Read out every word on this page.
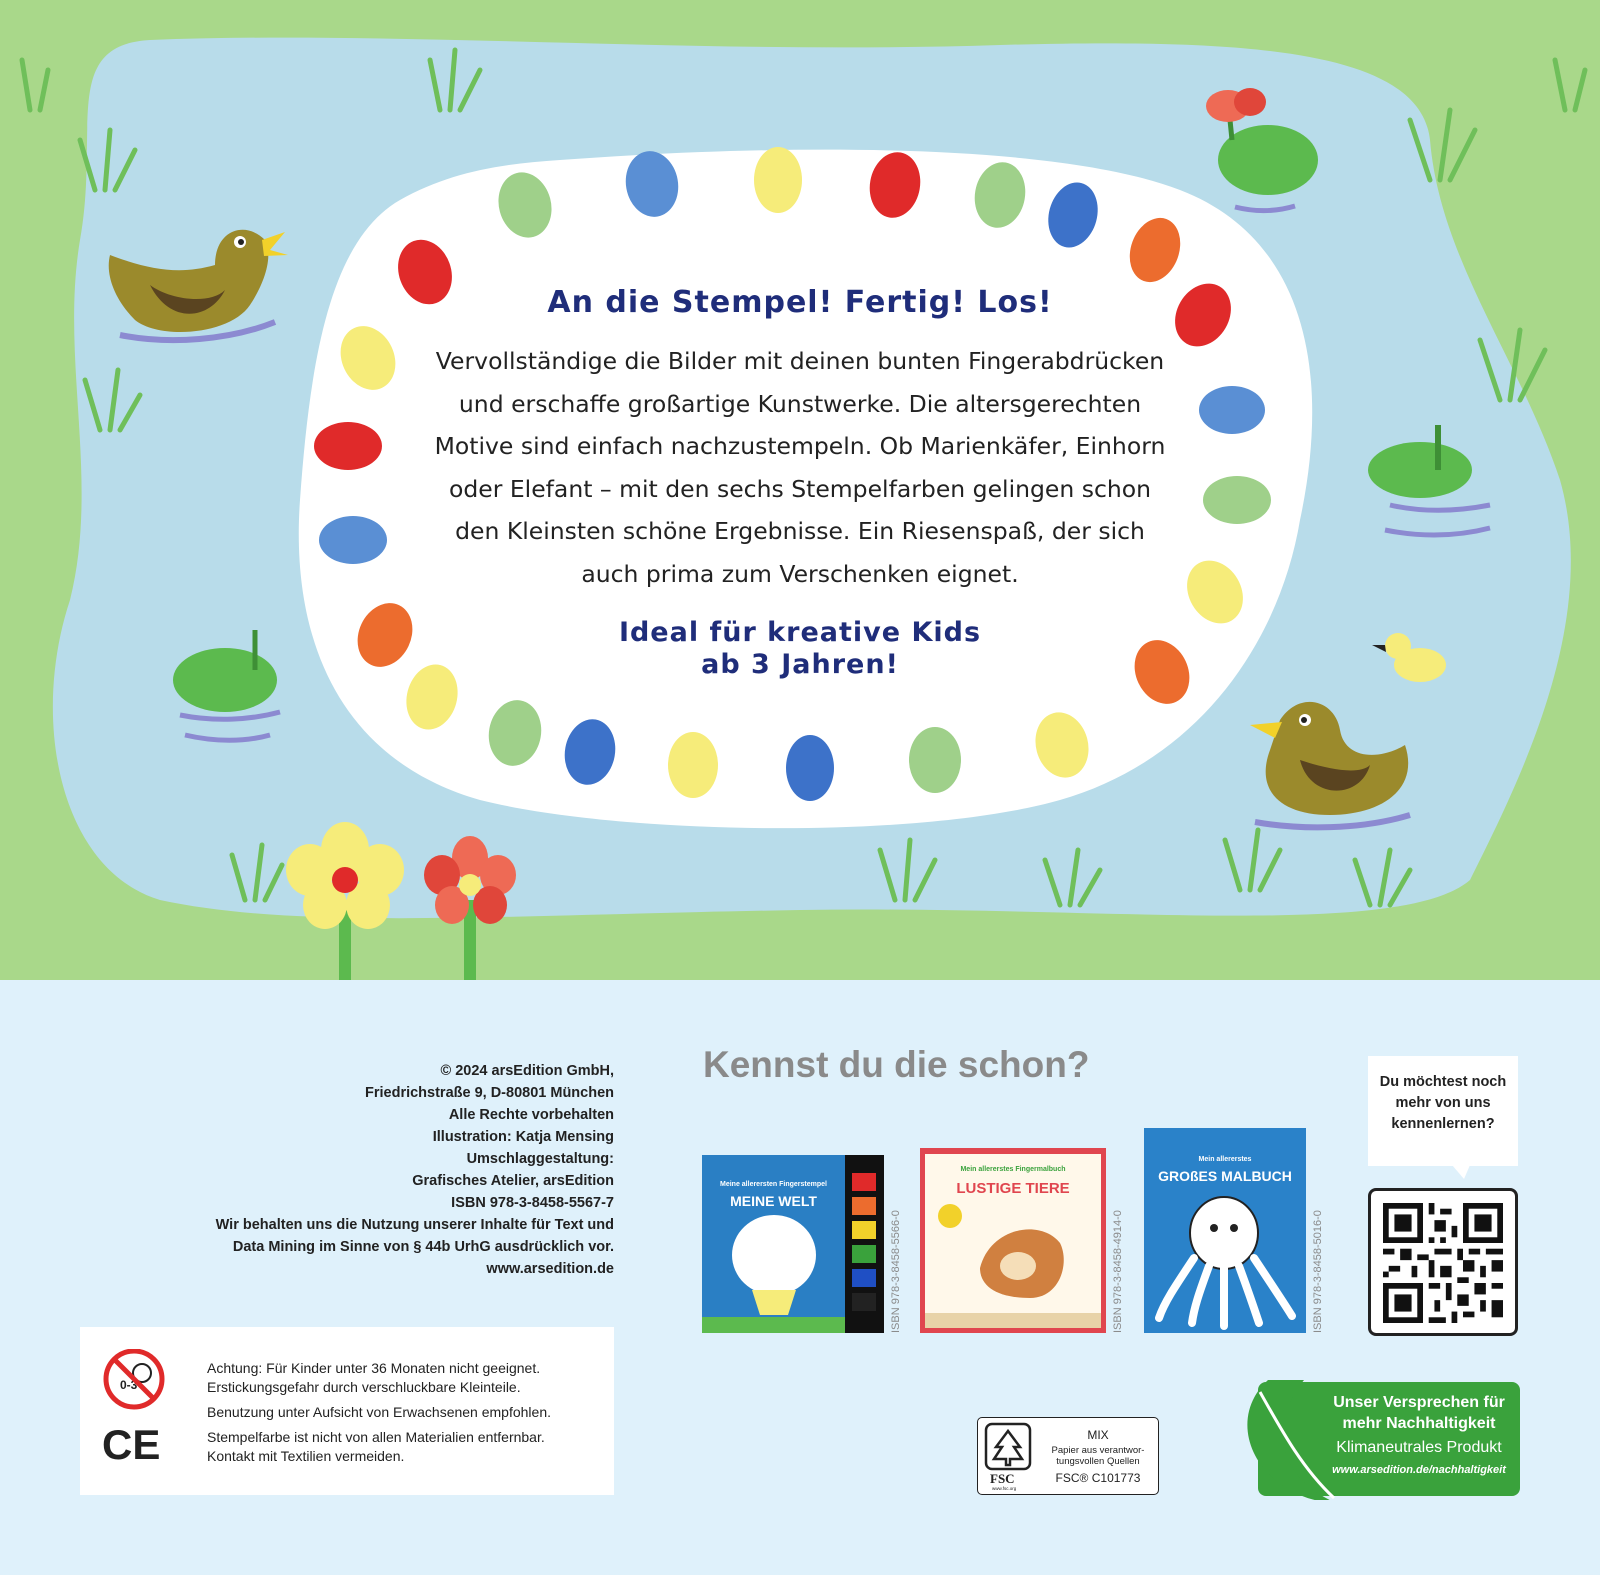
An die Stempel! Fertig! Los!
Vervollständige die Bilder mit deinen bunten Fingerabdrücken
und erschaffe großartige Kunstwerke. Die altersgerechten
Motive sind einfach nachzustempeln. Ob Marienkäfer, Einhorn
oder Elefant – mit den sechs Stempelfarben gelingen schon
den Kleinsten schöne Ergebnisse. Ein Riesenspaß, der sich
auch prima zum Verschenken eignet.
Ideal für kreative Kids
ab 3 Jahren!
© 2024 arsEdition GmbH,
Friedrichstraße 9, D-80801 München
Alle Rechte vorbehalten
Illustration: Katja Mensing
Umschlaggestaltung:
Grafisches Atelier, arsEdition
ISBN 978-3-8458-5567-7
Wir behalten uns die Nutzung unserer Inhalte für Text und
Data Mining im Sinne von § 44b UrhG ausdrücklich vor.
www.arsedition.de
0-3
CE

Achtung: Für Kinder unter 36 Monaten nicht geeignet.
Erstickungsgefahr durch verschluckbare Kleinteile.

Benutzung unter Aufsicht von Erwachsenen empfohlen.

Stempelfarbe ist nicht von allen Materialien entfernbar.
Kontakt mit Textilien vermeiden.

Kennst du die schon?
Meine allerersten Fingerstempel
MEINE WELT
ISBN 978-3-8458-5566-0
Mein allererstes Fingermalbuch
LUSTIGE TIERE
ISBN 978-3-8458-4914-0
Mein allererstes
GROßES MALBUCH
ISBN 978-3-8458-5016-0
Du möchtest noch
mehr von uns
kennenlernen?
FSC
www.fsc.org
MIX
Papier aus verantwor-
tungsvollen Quellen
FSC® C101773
Unser Versprechen für
mehr Nachhaltigkeit
Klimaneutrales Produkt
www.arsedition.de/nachhaltigkeit
